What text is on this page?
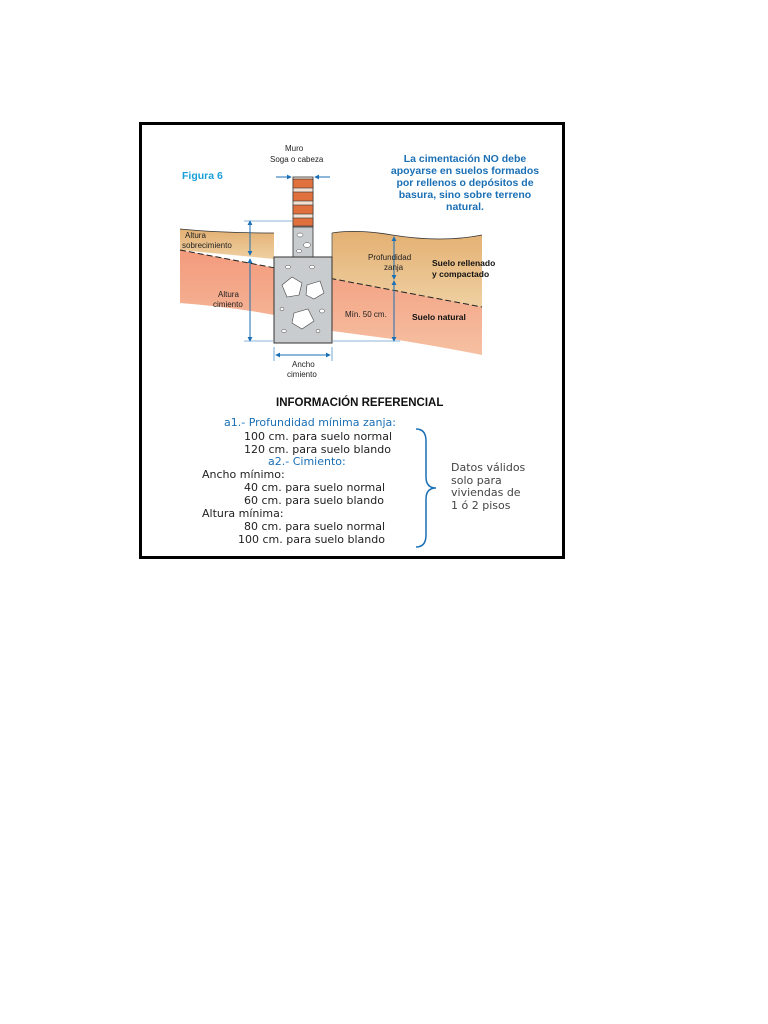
Muro

Soga o cabeza

Figura 6

La cimentación NO debe

apoyarse en suelos formados

por rellenos o depósitos de

basura, sino sobre terreno

natural.

Altura

sobrecimiento

Altura

cimiento

Profundidad

zanja	Suelo rellenado

y compactado

Mín. 50 cm.	Suelo natural

Ancho

cimiento

INFORMACIÓN REFERENCIAL

a1.- Profundidad mínima zanja:

100 cm. para suelo normal

120 cm. para suelo blando

a2.- Cimiento:

Ancho mínimo:

40 cm. para suelo normal

60 cm. para suelo blando

Altura mínima:

80 cm. para suelo normal

100 cm. para suelo blando

Datos válidos

solo para

viviendas de

1 ó 2 pisos
